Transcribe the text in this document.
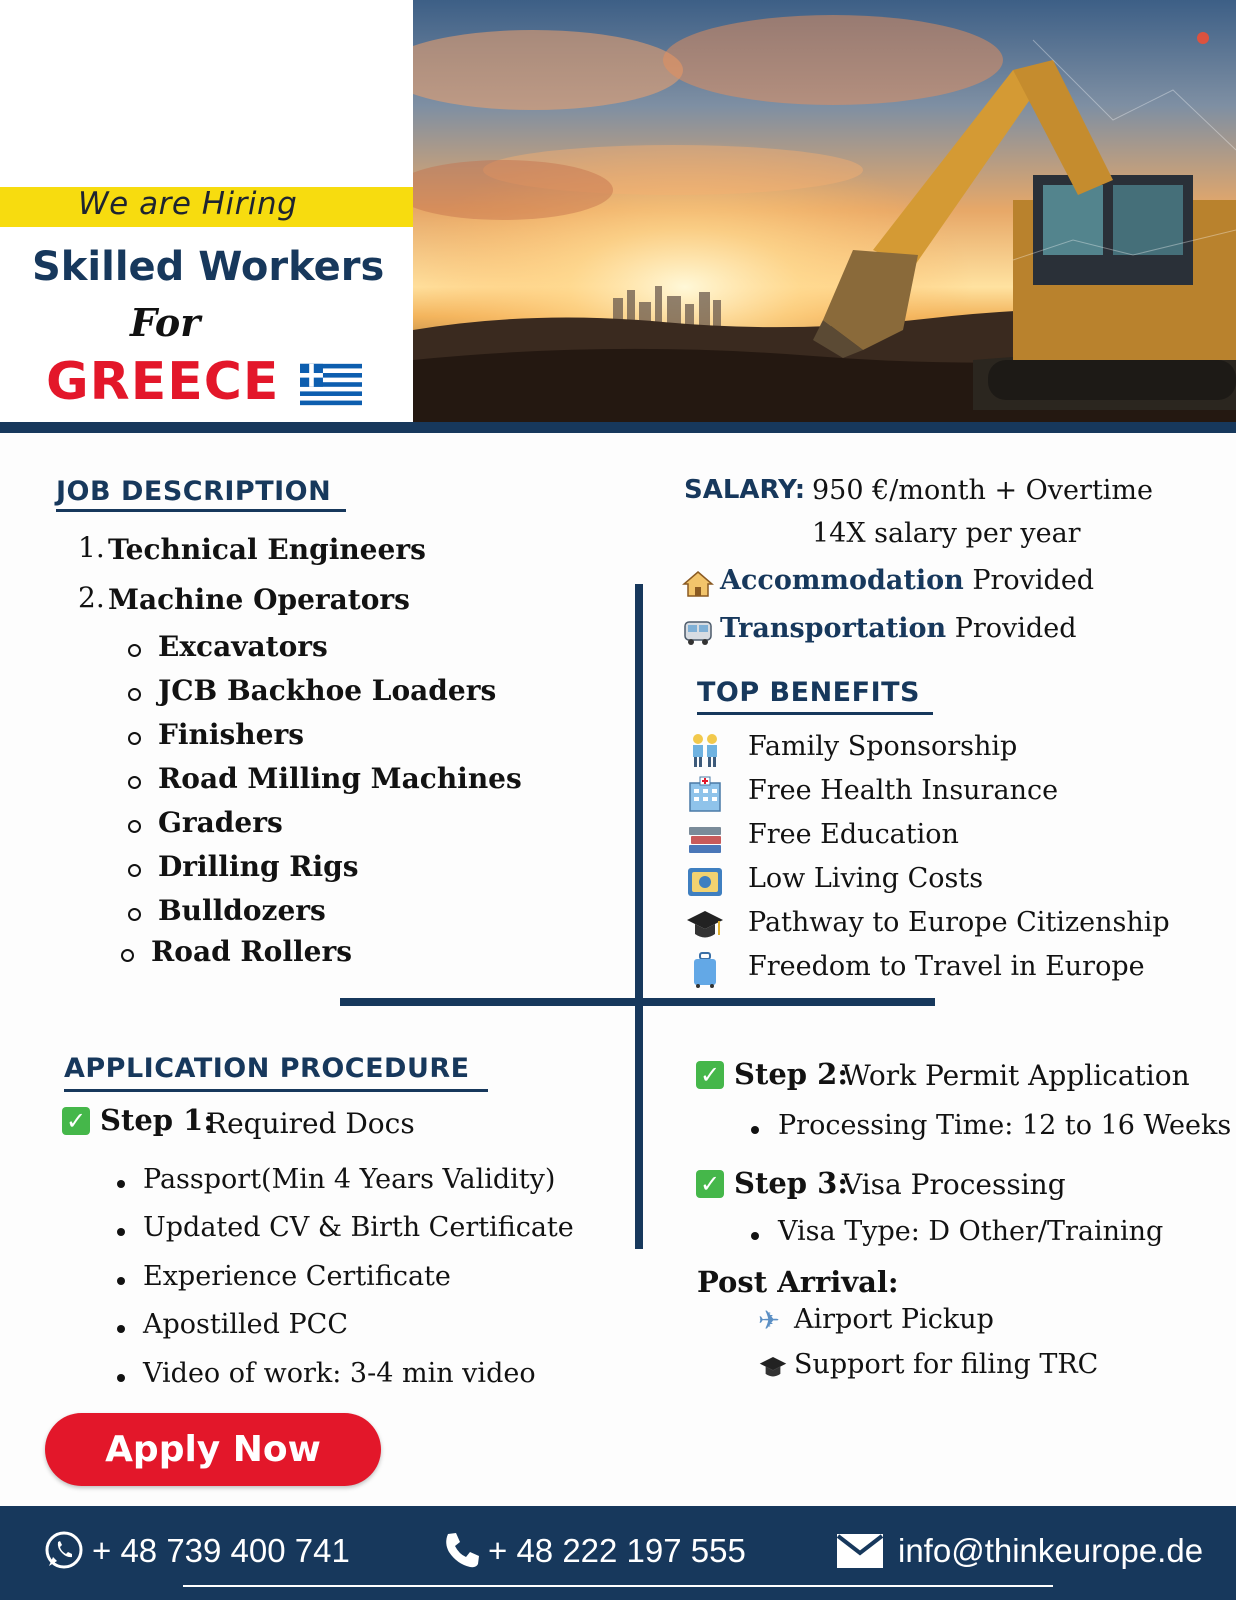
We are Hiring
Skilled Workers
For
GREECE
JOB DESCRIPTION
1. Technical Engineers
2. Machine Operators
Excavators
JCB Backhoe Loaders
Finishers
Road Milling Machines
Graders
Drilling Rigs
Bulldozers
Road Rollers
SALARY: 950 €/month + Overtime
14X salary per year
Accommodation Provided
Transportation Provided
TOP BENEFITS
Family Sponsorship
Free Health Insurance
Free Education
Low Living Costs
Pathway to Europe Citizenship
Freedom to Travel in Europe
APPLICATION PROCEDURE
✓ Step 1:
Required Docs
Passport(Min 4 Years Validity)
Updated CV & Birth Certificate
Experience Certificate
Apostilled PCC
Video of work: 3-4 min video
✓ Step 2:
Work Permit Application
Processing Time: 12 to 16 Weeks
✓ Step 3:
Visa Processing
Visa Type: D Other/Training
Post Arrival:
✈ Airport Pickup
Support for filing TRC
Apply Now
+ 48 739 400 741	+ 48 222 197 555	info@thinkeurope.de
